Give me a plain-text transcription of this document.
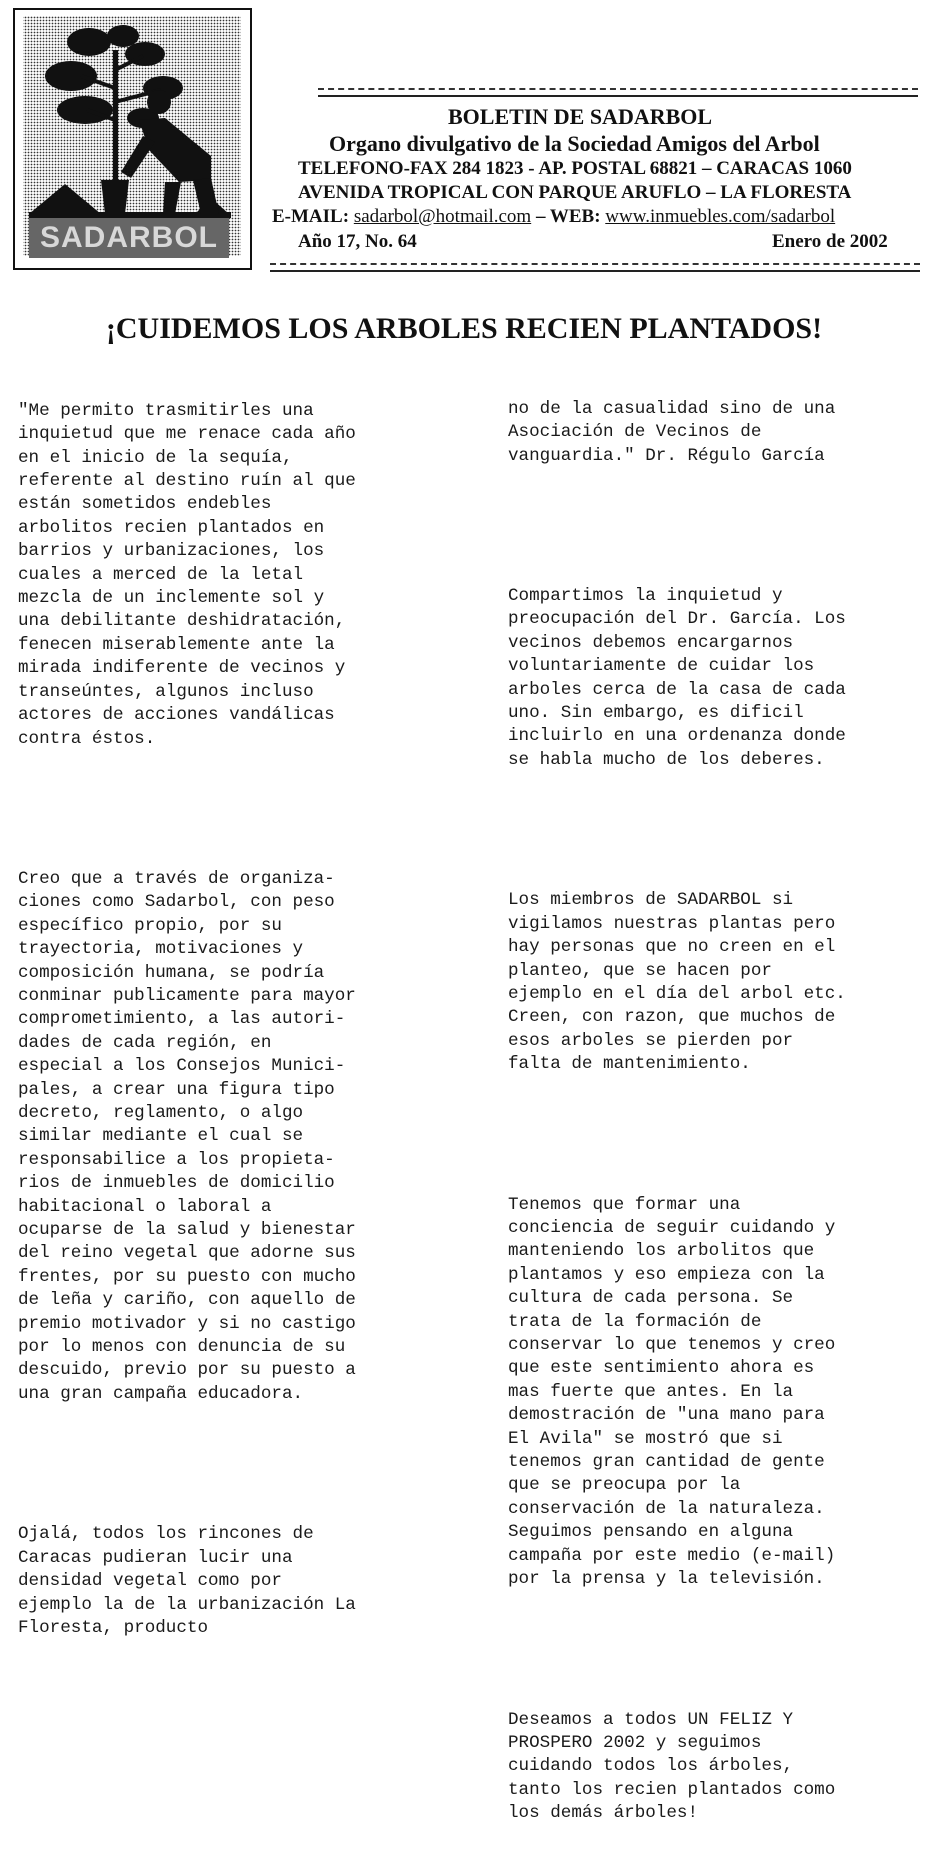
SADARBOL
BOLETIN DE SADARBOL
Organo divulgativo de la Sociedad Amigos del Arbol
TELEFONO-FAX 284 1823 - AP. POSTAL 68821 – CARACAS 1060
AVENIDA TROPICAL CON PARQUE ARUFLO – LA FLORESTA
E-MAIL: sadarbol@hotmail.com – WEB: www.inmuebles.com/sadarbol
Año 17, No. 64	Enero de 2002
¡CUIDEMOS LOS ARBOLES RECIEN PLANTADOS!

"Me permito trasmitirles una
inquietud que me renace cada año
en el inicio de la sequía,
referente al destino ruín al que
están sometidos endebles
arbolitos recien plantados en
barrios y urbanizaciones, los
cuales a merced de la letal
mezcla de un inclemente sol y
una debilitante deshidratación,
fenecen miserablemente ante la
mirada indiferente de vecinos y
transeúntes, algunos incluso
actores de acciones vandálicas
contra éstos.

Creo que a través de organiza-
ciones como Sadarbol, con peso
específico propio, por su
trayectoria, motivaciones y
composición humana, se podría
conminar publicamente para mayor
comprometimiento, a las autori-
dades de cada región, en
especial a los Consejos Munici-
pales, a crear una figura tipo
decreto, reglamento, o algo
similar mediante el cual se
responsabilice a los propieta-
rios de inmuebles de domicilio
habitacional o laboral a
ocuparse de la salud y bienestar
del reino vegetal que adorne sus
frentes, por su puesto con mucho
de leña y cariño, con aquello de
premio motivador y si no castigo
por lo menos con denuncia de su
descuido, previo por su puesto a
una gran campaña educadora.

Ojalá, todos los rincones de
Caracas pudieran lucir una
densidad vegetal como por
ejemplo la de la urbanización La
Floresta, producto

no de la casualidad sino de una
Asociación de Vecinos de
vanguardia." Dr. Régulo García

Compartimos la inquietud y
preocupación del Dr. García. Los
vecinos debemos encargarnos
voluntariamente de cuidar los
arboles cerca de la casa de cada
uno. Sin embargo, es dificil
incluirlo en una ordenanza donde
se habla mucho de los deberes.

Los miembros de SADARBOL si
vigilamos nuestras plantas pero
hay personas que no creen en el
planteo, que se hacen por
ejemplo en el día del arbol etc.
Creen, con razon, que muchos de
esos arboles se pierden por
falta de mantenimiento.

Tenemos que formar una
conciencia de seguir cuidando y
manteniendo los arbolitos que
plantamos y eso empieza con la
cultura de cada persona. Se
trata de la formación de
conservar lo que tenemos y creo
que este sentimiento ahora es
mas fuerte que antes. En la
demostración de "una mano para
El Avila" se mostró que si
tenemos gran cantidad de gente
que se preocupa por la
conservación de la naturaleza.
Seguimos pensando en alguna
campaña por este medio (e-mail)
por la prensa y la televisión.

Deseamos a todos UN FELIZ Y
PROSPERO 2002 y seguimos
cuidando todos los árboles,
tanto los recien plantados como
los demás árboles!
